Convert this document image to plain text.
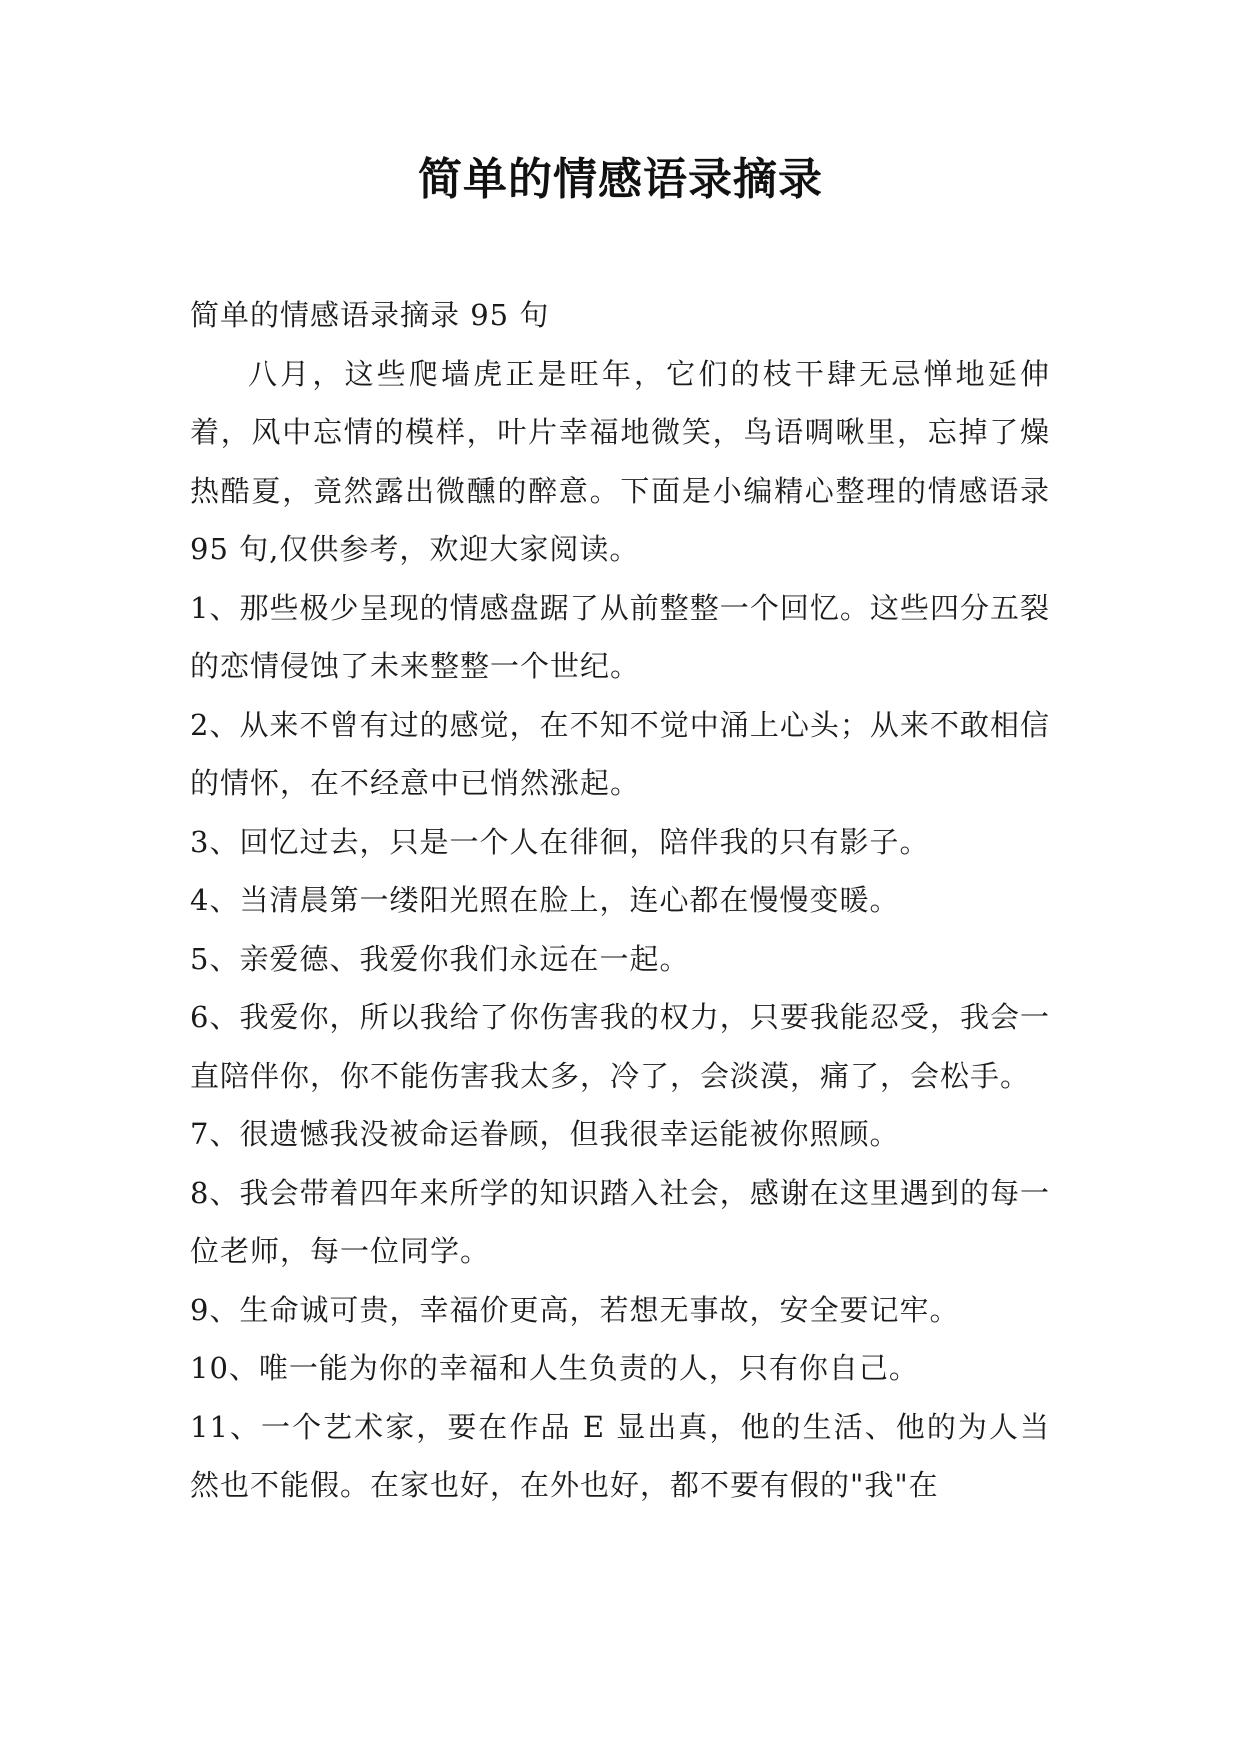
简单的情感语录摘录

简单的情感语录摘录 95 句

八月，这些爬墙虎正是旺年，它们的枝干肆无忌惮地延伸着，风中忘情的模样，叶片幸福地微笑，鸟语啁啾里，忘掉了燥热酷夏，竟然露出微醺的醉意。下面是小编精心整理的情感语录 95 句,仅供参考，欢迎大家阅读。

1、那些极少呈现的情感盘踞了从前整整一个回忆。这些四分五裂的恋情侵蚀了未来整整一个世纪。

2、从来不曾有过的感觉，在不知不觉中涌上心头；从来不敢相信的情怀，在不经意中已悄然涨起。

3、回忆过去，只是一个人在徘徊，陪伴我的只有影子。

4、当清晨第一缕阳光照在脸上，连心都在慢慢变暖。

5、亲爱德、我爱你我们永远在一起。

6、我爱你，所以我给了你伤害我的权力，只要我能忍受，我会一直陪伴你，你不能伤害我太多，冷了，会淡漠，痛了，会松手。

7、很遗憾我没被命运眷顾，但我很幸运能被你照顾。

8、我会带着四年来所学的知识踏入社会，感谢在这里遇到的每一位老师，每一位同学。

9、生命诚可贵，幸福价更高，若想无事故，安全要记牢。

10、唯一能为你的幸福和人生负责的人，只有你自己。

11、一个艺术家，要在作品 E 显出真，他的生活、他的为人当然也不能假。在家也好，在外也好，都不要有假的"我"在
